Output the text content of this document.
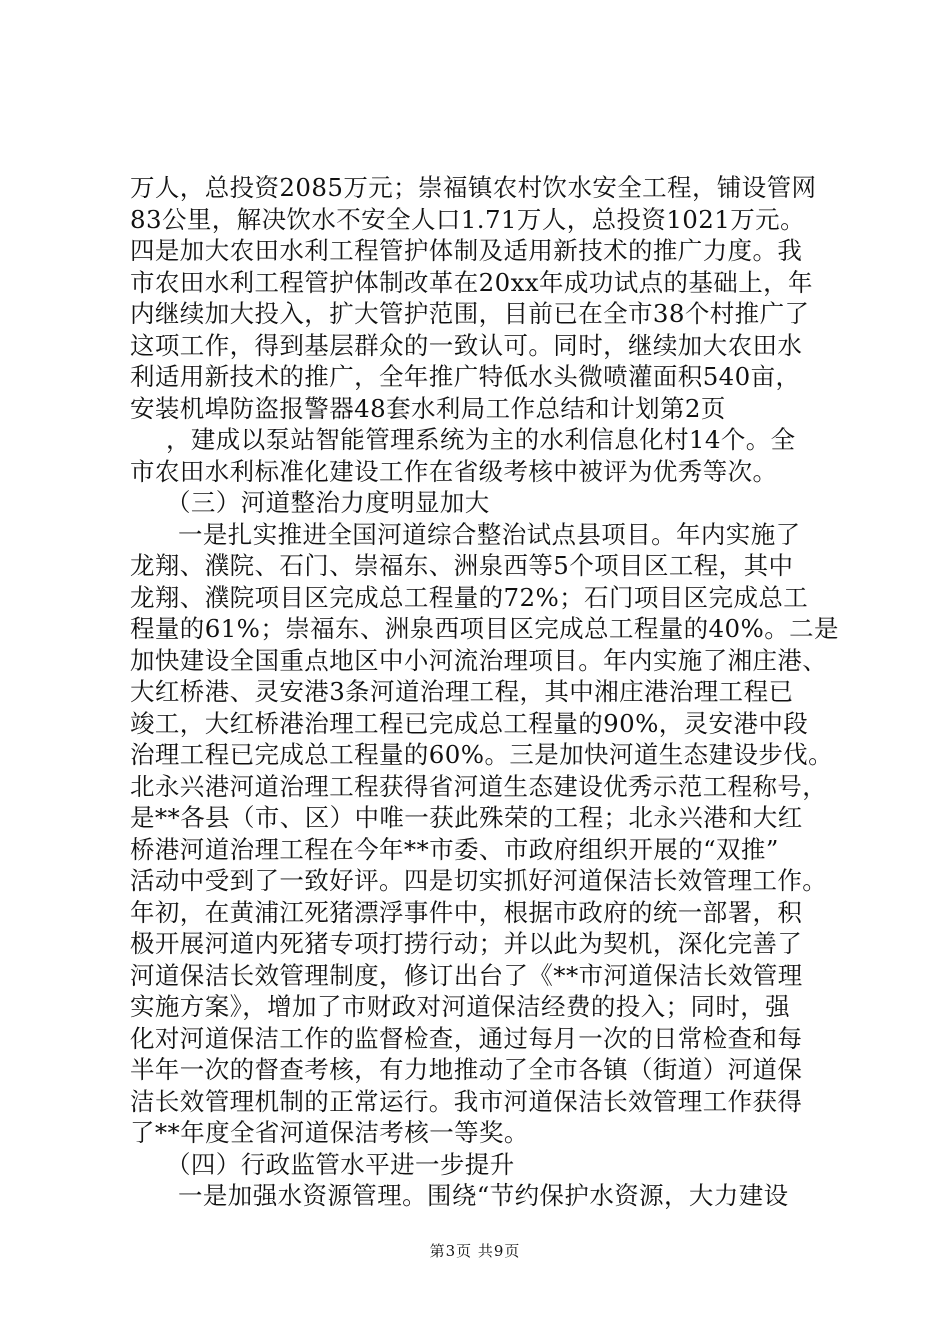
万人，总投资2085万元；崇福镇农村饮水安全工程，铺设管网
83公里，解决饮水不安全人口1.71万人，总投资1021万元。
四是加大农田水利工程管护体制及适用新技术的推广力度。我
市农田水利工程管护体制改革在20xx年成功试点的基础上，年
内继续加大投入，扩大管护范围，目前已在全市38个村推广了
这项工作，得到基层群众的一致认可。同时，继续加大农田水
利适用新技术的推广，全年推广特低水头微喷灌面积540亩，
安装机埠防盗报警器48套水利局工作总结和计划第2页
，建成以泵站智能管理系统为主的水利信息化村14个。全
市农田水利标准化建设工作在省级考核中被评为优秀等次。
（三）河道整治力度明显加大
一是扎实推进全国河道综合整治试点县项目。年内实施了
龙翔、濮院、石门、崇福东、洲泉西等5个项目区工程，其中
龙翔、濮院项目区完成总工程量的72%；石门项目区完成总工
程量的61%；崇福东、洲泉西项目区完成总工程量的40%。二是
加快建设全国重点地区中小河流治理项目。年内实施了湘庄港、
大红桥港、灵安港3条河道治理工程，其中湘庄港治理工程已
竣工，大红桥港治理工程已完成总工程量的90%，灵安港中段
治理工程已完成总工程量的60%。三是加快河道生态建设步伐。
北永兴港河道治理工程获得省河道生态建设优秀示范工程称号，
是**各县（市、区）中唯一获此殊荣的工程；北永兴港和大红
桥港河道治理工程在今年**市委、市政府组织开展的“双推”
活动中受到了一致好评。四是切实抓好河道保洁长效管理工作。
年初，在黄浦江死猪漂浮事件中，根据市政府的统一部署，积
极开展河道内死猪专项打捞行动；并以此为契机，深化完善了
河道保洁长效管理制度，修订出台了《**市河道保洁长效管理
实施方案》，增加了市财政对河道保洁经费的投入；同时，强
化对河道保洁工作的监督检查，通过每月一次的日常检查和每
半年一次的督查考核，有力地推动了全市各镇（街道）河道保
洁长效管理机制的正常运行。我市河道保洁长效管理工作获得
了**年度全省河道保洁考核一等奖。
（四）行政监管水平进一步提升
一是加强水资源管理。围绕“节约保护水资源，大力建设
第3页 共9页
